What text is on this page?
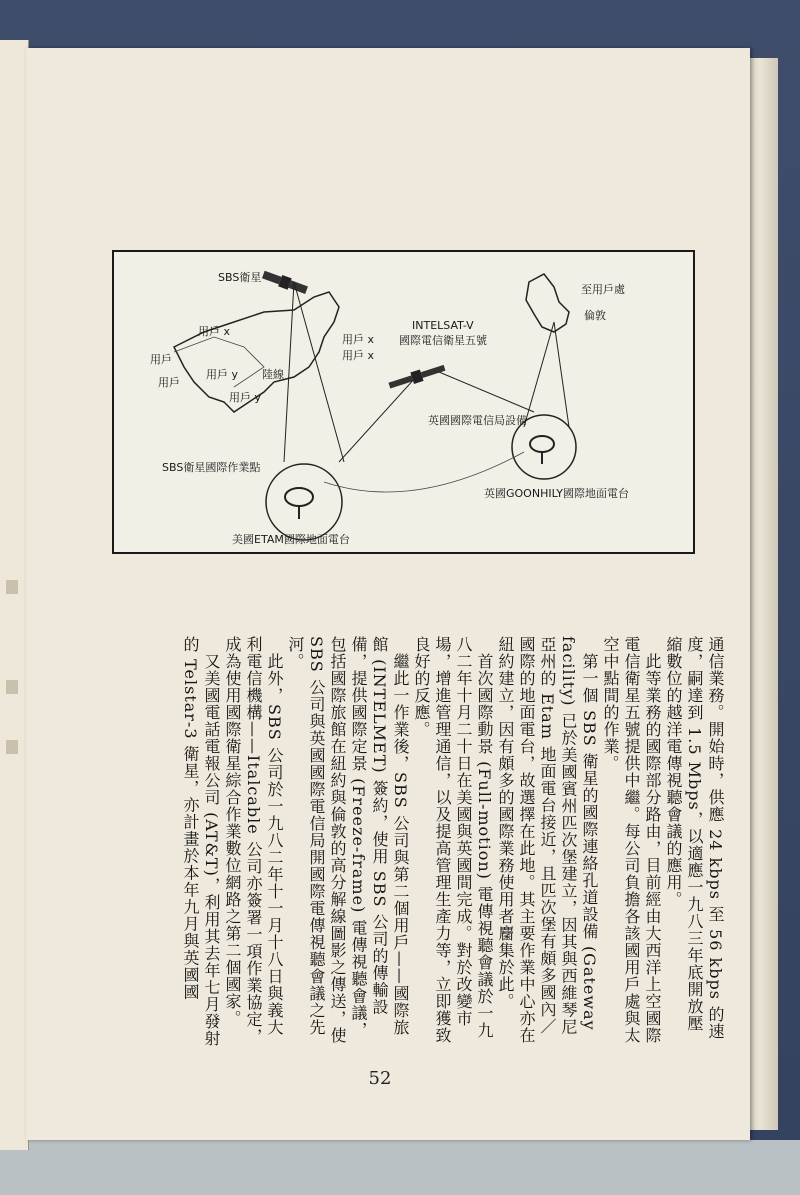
SBS衛星
INTELSAT-V
國際電信衛星五號
至用戶處
倫敦
用戶 x
用戶 x
用戶 x
用戶
用戶
用戶 y
用戶 y
陸線
英國國際電信局設備
SBS衛星國際作業點
英國GOONHILY國際地面電台
美國ETAM國際地面電台

通信業務。開始時，供應 24 kbps 至 56 kbps 的速度，嗣達到 1.5 Mbps，以適應一九八三年底開放壓縮數位的越洋電傳視聽會議的應用。

　此等業務的國際部分路由，目前經由大西洋上空國際電信衛星五號提供中繼。每公司負擔各該國用戶處與太空中點間的作業。

　第一個 SBS 衛星的國際連絡孔道設備 (Gateway facility) 已於美國賓州匹次堡建立，因其與西維琴尼亞州的 Etam 地面電台接近，且匹次堡有頗多國內／國際的地面電台，故選擇在此地。其主要作業中心亦在紐約建立，因有頗多的國際業務使用者麕集於此。

　首次國際動景 (Full-motion) 電傳視聽會議於一九八二年十月二十日在美國與英國間完成。對於改變市場，增進管理通信，以及提高管理生產力等，立即獲致良好的反應。

　繼此一作業後，SBS 公司與第二個用戶——國際旅館 (INTELMET) 簽約，使用 SBS 公司的傳輸設備，提供國際定景 (Freeze-frame) 電傳視聽會議，包括國際旅館在紐約與倫敦的高分解線圖影之傳送，使 SBS 公司與英國國際電信局開國際電傳視聽會議之先河。

　此外，SBS 公司於一九八二年十一月十八日與義大利電信機構——Italcable 公司亦簽署一項作業協定，成為使用國際衛星綜合作業數位網路之第二個國家。

　又美國電話電報公司 (AT&T)，利用其去年七月發射的 Telstar-3 衛星，亦計畫於本年九月與英國國

52
